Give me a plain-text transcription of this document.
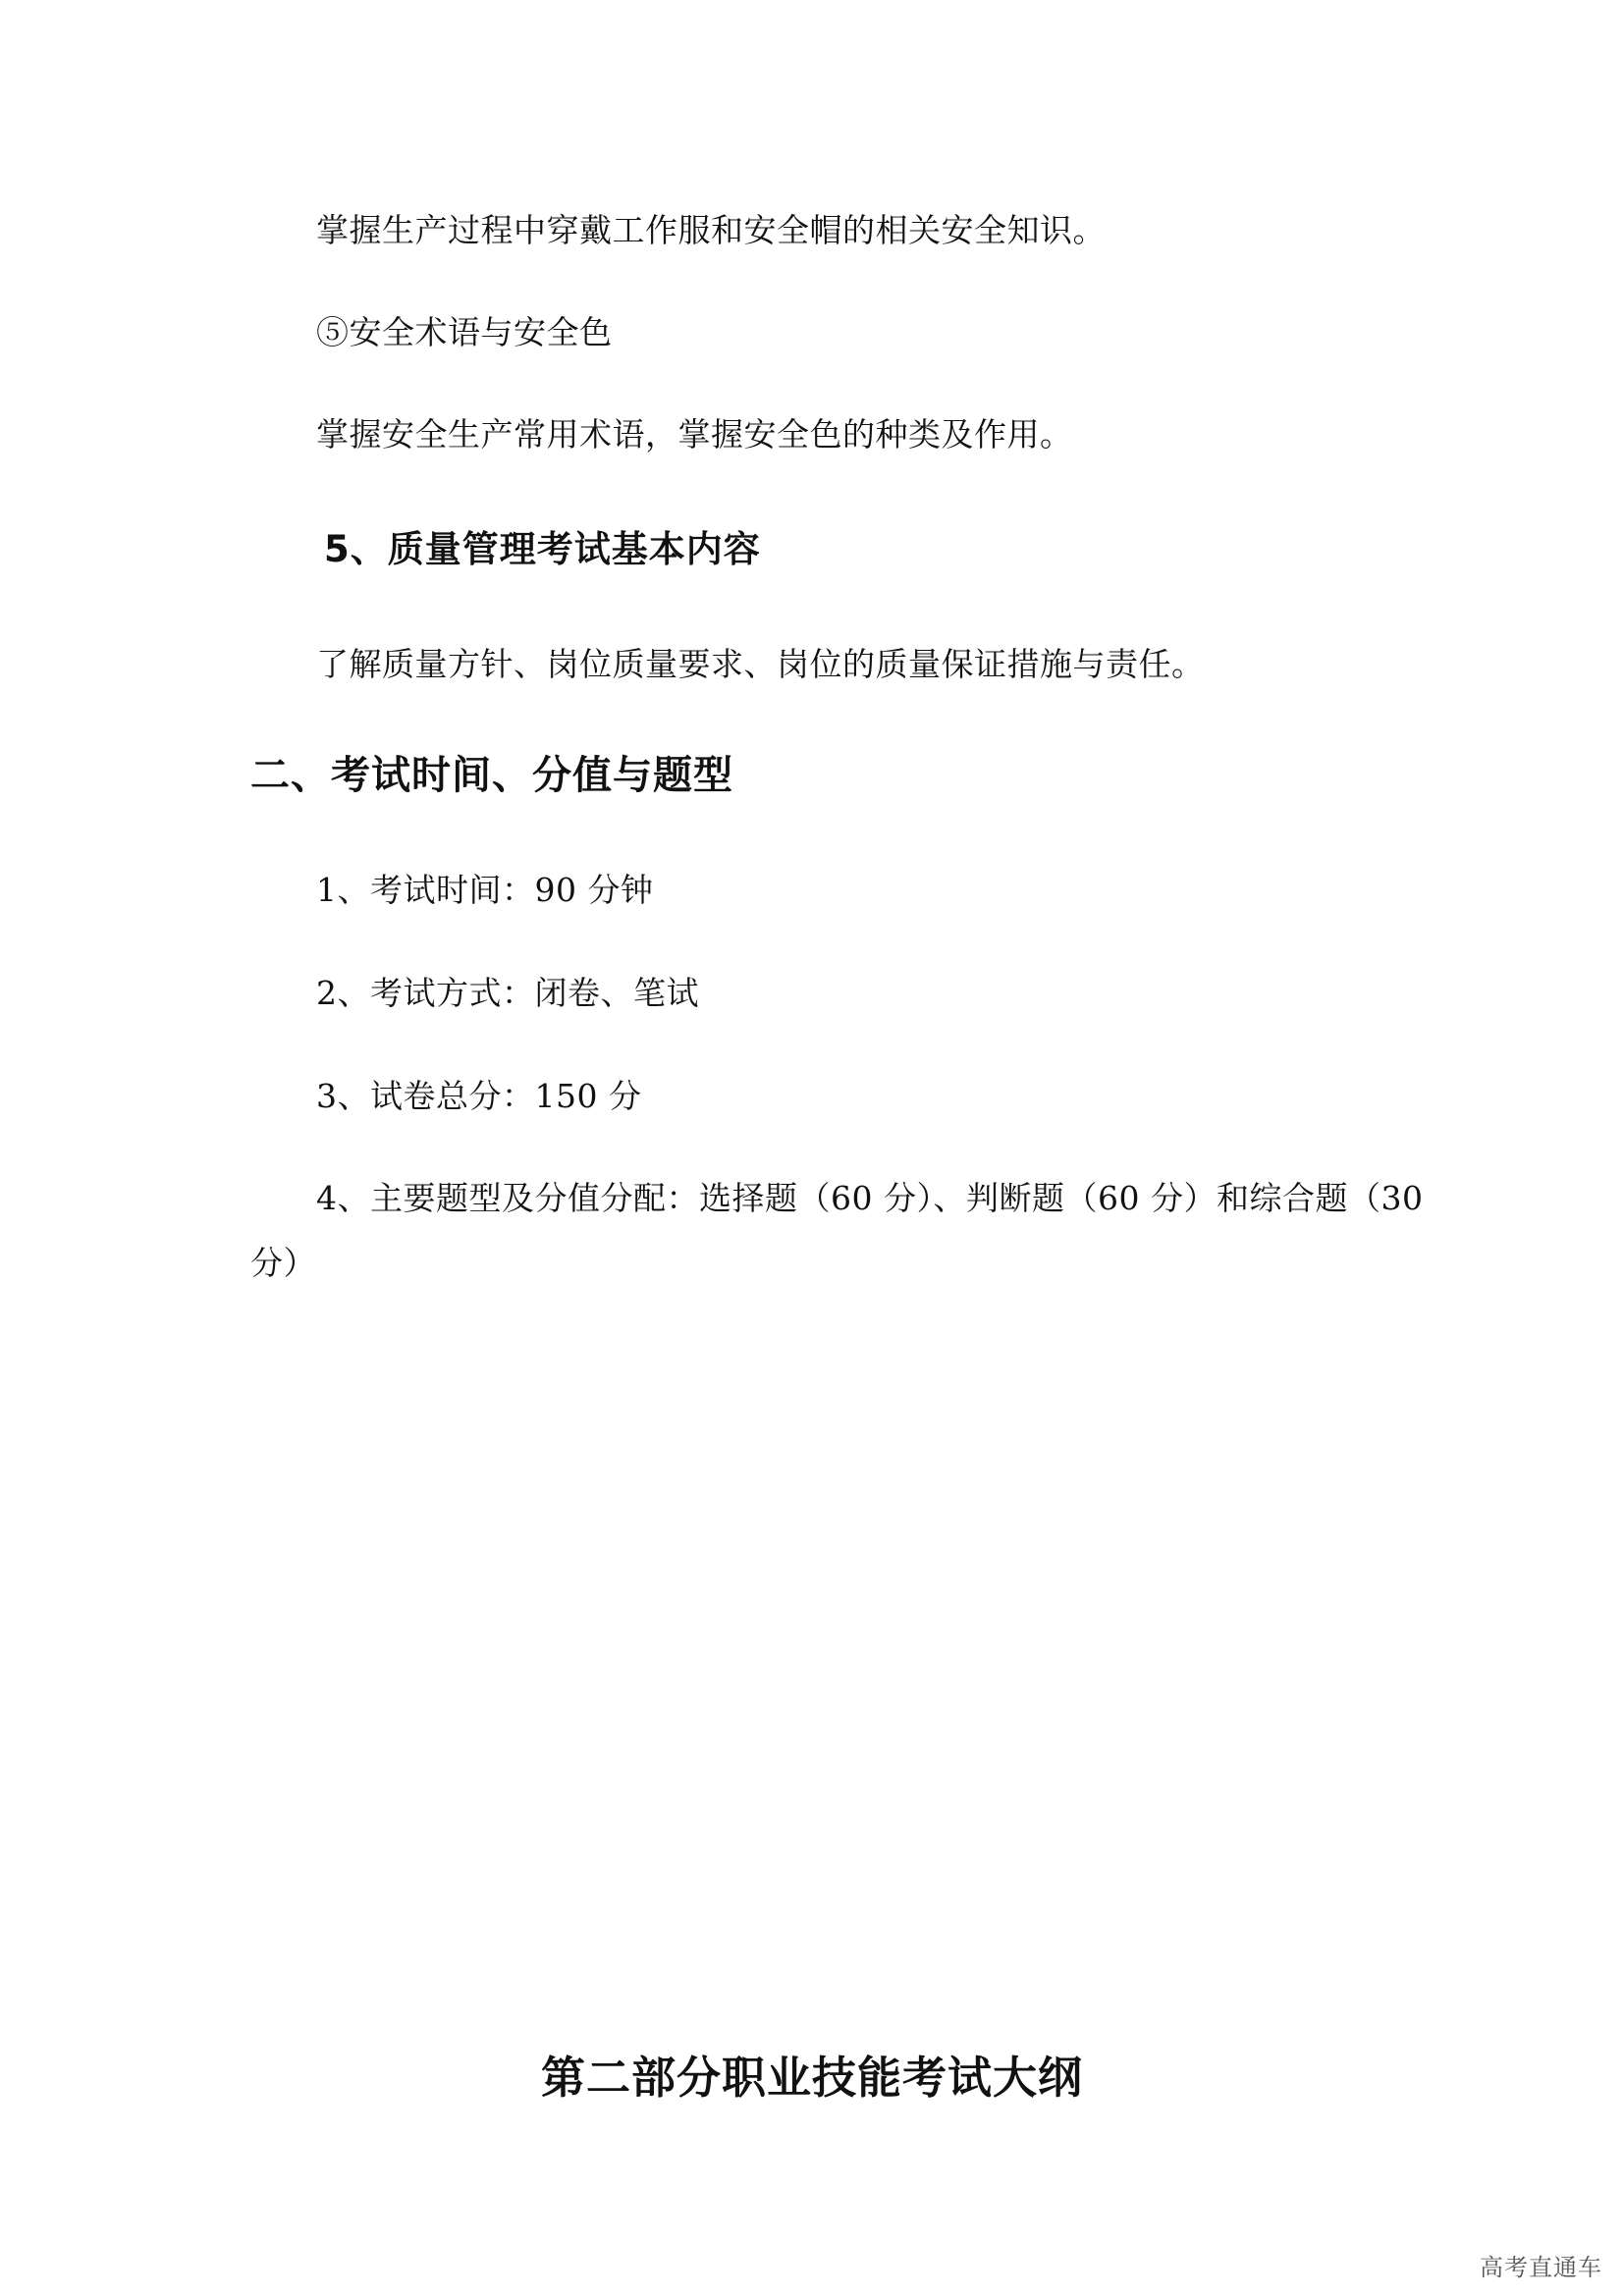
掌握生产过程中穿戴工作服和安全帽的相关安全知识。
⑤安全术语与安全色
掌握安全生产常用术语，掌握安全色的种类及作用。
5、质量管理考试基本内容
了解质量方针、岗位质量要求、岗位的质量保证措施与责任。
二、考试时间、分值与题型
1、考试时间：90 分钟
2、考试方式：闭卷、笔试
3、试卷总分：150 分
4、主要题型及分值分配：选择题（60 分）、判断题（60 分）和综合题（30
分）
第二部分职业技能考试大纲
高考直通车
